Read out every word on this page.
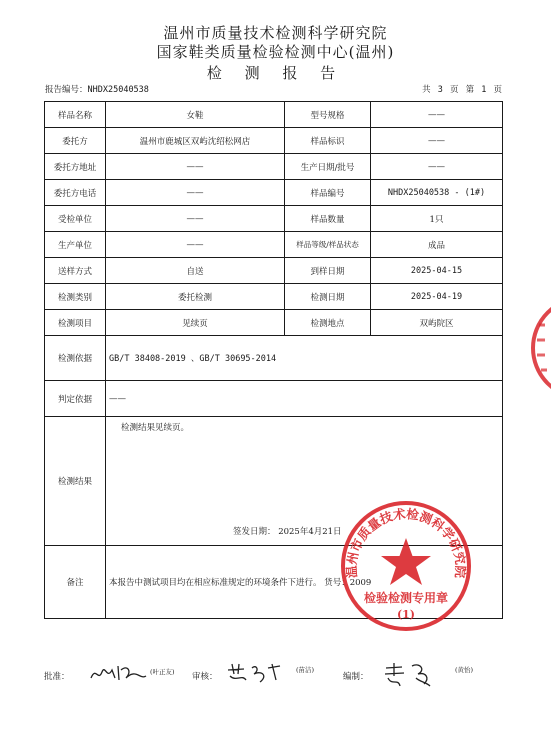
温州市质量技术检测科学研究院
国家鞋类质量检验检测中心(温州)
检 测 报 告
报告编号：NHDX25040538	共 3 页 第 1 页
样品名称	女鞋	型号规格	——
委托方	温州市鹿城区双屿沈绍松网店	样品标识	——
委托方地址	——	生产日期/批号	——
委托方电话	——	样品编号	NHDX25040538 - (1#)
受检单位	——	样品数量	1只
生产单位	——	样品等级/样品状态	成品
送样方式	自送	到样日期	2025-04-15
检测类别	委托检测	检测日期	2025-04-19
检测项目	见续页	检测地点	双屿院区
检测依据	GB/T 38408-2019 、GB/T 30695-2014		
判定依据	——		
检测结果	检测结果见续页。
签发日期： 2025年4月21日		

备注	本报告中测试项目均在相应标准规定的环境条件下进行。 货号：2009		
温州市质量技术检测科学研究院
检验检测专用章
(1)
批准：	(叶正友) 审核：
(苗洁)
编制：
(黄怡)
